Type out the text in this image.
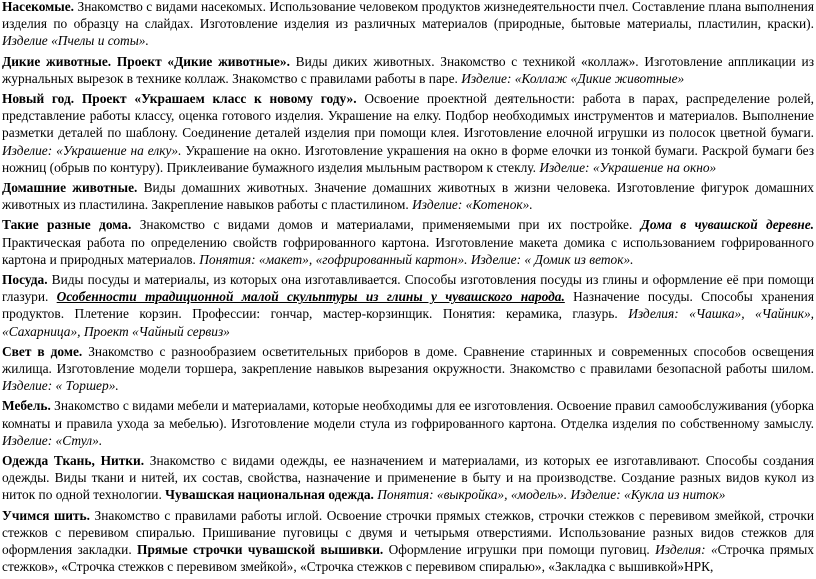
Насекомые. Знакомство с видами насекомых. Использование человеком продуктов жизнедеятельности пчел. Составление плана выполнения изделия по образцу на слайдах. Изготовление изделия из различных материалов (природные, бытовые материалы, пластилин, краски). Изделие «Пчелы и соты».

Дикие животные. Проект «Дикие животные». Виды диких животных. Знакомство с техникой «коллаж». Изготовление аппликации из журнальных вырезок в технике коллаж. Знакомство с правилами работы в паре. Изделие: «Коллаж «Дикие животные»

Новый год. Проект «Украшаем класс к новому году». Освоение проектной деятельности: работа в парах, распределение ролей, представление работы классу, оценка готового изделия. Украшение на елку. Подбор необходимых инструментов и материалов. Выполнение разметки деталей по шаблону. Соединение деталей изделия при помощи клея. Изготовление елочной игрушки из полосок цветной бумаги. Изделие: «Украшение на елку». Украшение на окно. Изготовление украшения на окно в форме елочки из тонкой бумаги. Раскрой бумаги без ножниц (обрыв по контуру). Приклеивание бумажного изделия мыльным раствором к стеклу. Изделие: «Украшение на окно»

Домашние животные. Виды домашних животных. Значение домашних животных в жизни человека. Изготовление фигурок домашних животных из пластилина. Закрепление навыков работы с пластилином. Изделие: «Котенок».

Такие разные дома. Знакомство с видами домов и материалами, применяемыми при их постройке. Дома в чувашской деревне. Практическая работа по определению свойств гофрированного картона. Изготовление макета домика с использованием гофрированного картона и природных материалов. Понятия: «макет», «гофрированный картон». Изделие: « Домик из веток».

Посуда. Виды посуды и материалы, из которых она изготавливается. Способы изготовления посуды из глины и оформление её при помощи глазури. Особенности традиционной малой скульптуры из глины у чувашского народа. Назначение посуды. Способы хранения продуктов. Плетение корзин. Профессии: гончар, мастер-корзинщик. Понятия: керамика, глазурь. Изделия: «Чашка», «Чайник», «Сахарница», Проект «Чайный сервиз»

Свет в доме. Знакомство с разнообразием осветительных приборов в доме. Сравнение старинных и современных способов освещения жилища. Изготовление модели торшера, закрепление навыков вырезания окружности. Знакомство с правилами безопасной работы шилом. Изделие: « Торшер».

Мебель. Знакомство с видами мебели и материалами, которые необходимы для ее изготовления. Освоение правил самообслуживания (уборка комнаты и правила ухода за мебелью). Изготовление модели стула из гофрированного картона. Отделка изделия по собственному замыслу. Изделие: «Стул».

Одежда Ткань, Нитки. Знакомство с видами одежды, ее назначением и материалами, из которых ее изготавливают. Способы создания одежды. Виды ткани и нитей, их состав, свойства, назначение и применение в быту и на производстве. Создание разных видов кукол из ниток по одной технологии. Чувашская национальная одежда. Понятия: «выкройка», «модель». Изделие: «Кукла из ниток»

Учимся шить. Знакомство с правилами работы иглой. Освоение строчки прямых стежков, строчки стежков с перевивом змейкой, строчки стежков с перевивом спиралью. Пришивание пуговицы с двумя и четырьмя отверстиями. Использование разных видов стежков для оформления закладки. Прямые строчки чувашской вышивки. Оформление игрушки при помощи пуговиц. Изделия: «Строчка прямых стежков», «Строчка стежков с перевивом змейкой», «Строчка стежков с перевивом спиралью», «Закладка с вышивкой»НРК,
